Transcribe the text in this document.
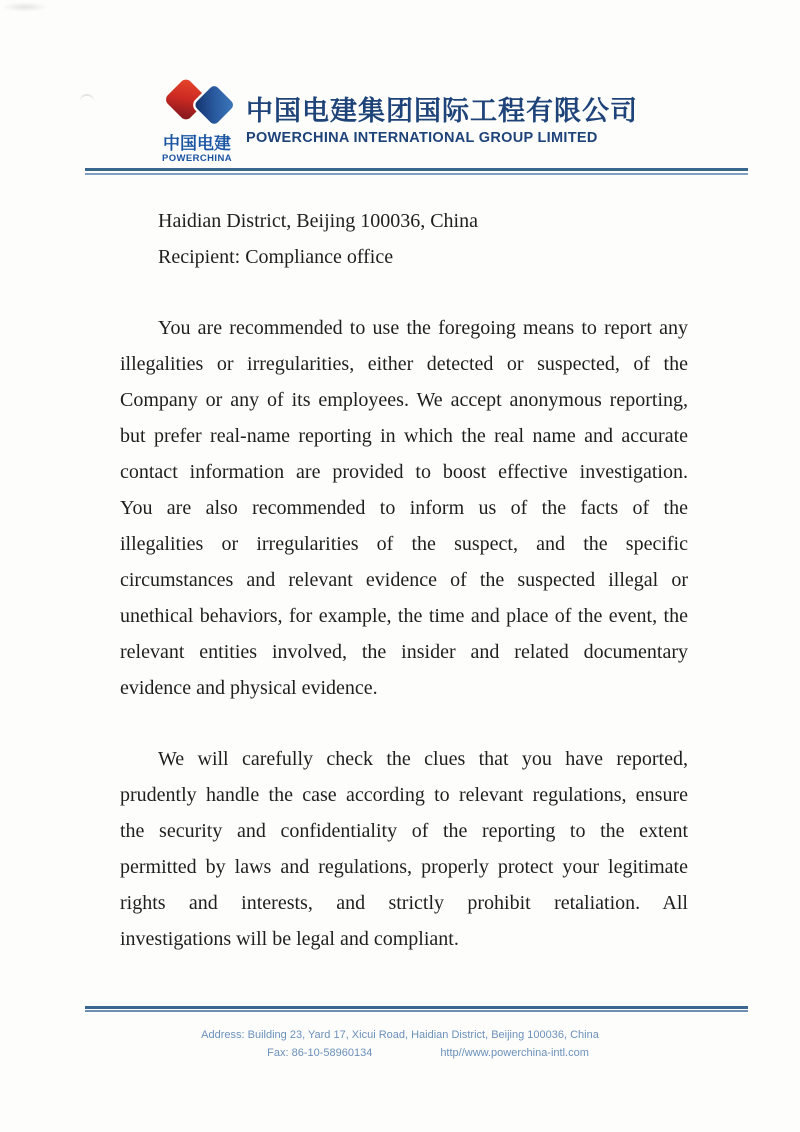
中国电建
POWERCHINA
中国电建集团国际工程有限公司
POWERCHINA INTERNATIONAL GROUP LIMITED
Haidian District, Beijing 100036, China
Recipient: Compliance office
You are recommended to use the foregoing means to report any
illegalities or irregularities, either detected or suspected, of the
Company or any of its employees. We accept anonymous reporting,
but prefer real-name reporting in which the real name and accurate
contact information are provided to boost effective investigation.
You are also recommended to inform us of the facts of the
illegalities or irregularities of the suspect, and the specific
circumstances and relevant evidence of the suspected illegal or
unethical behaviors, for example, the time and place of the event, the
relevant entities involved, the insider and related documentary
evidence and physical evidence.
We will carefully check the clues that you have reported,
prudently handle the case according to relevant regulations, ensure
the security and confidentiality of the reporting to the extent
permitted by laws and regulations, properly protect your legitimate
rights and interests, and strictly prohibit retaliation. All
investigations will be legal and compliant.
Address: Building 23, Yard 17, Xicui Road, Haidian District, Beijing 100036, China
Fax: 86-10-58960134	http//www.powerchina-intl.com
